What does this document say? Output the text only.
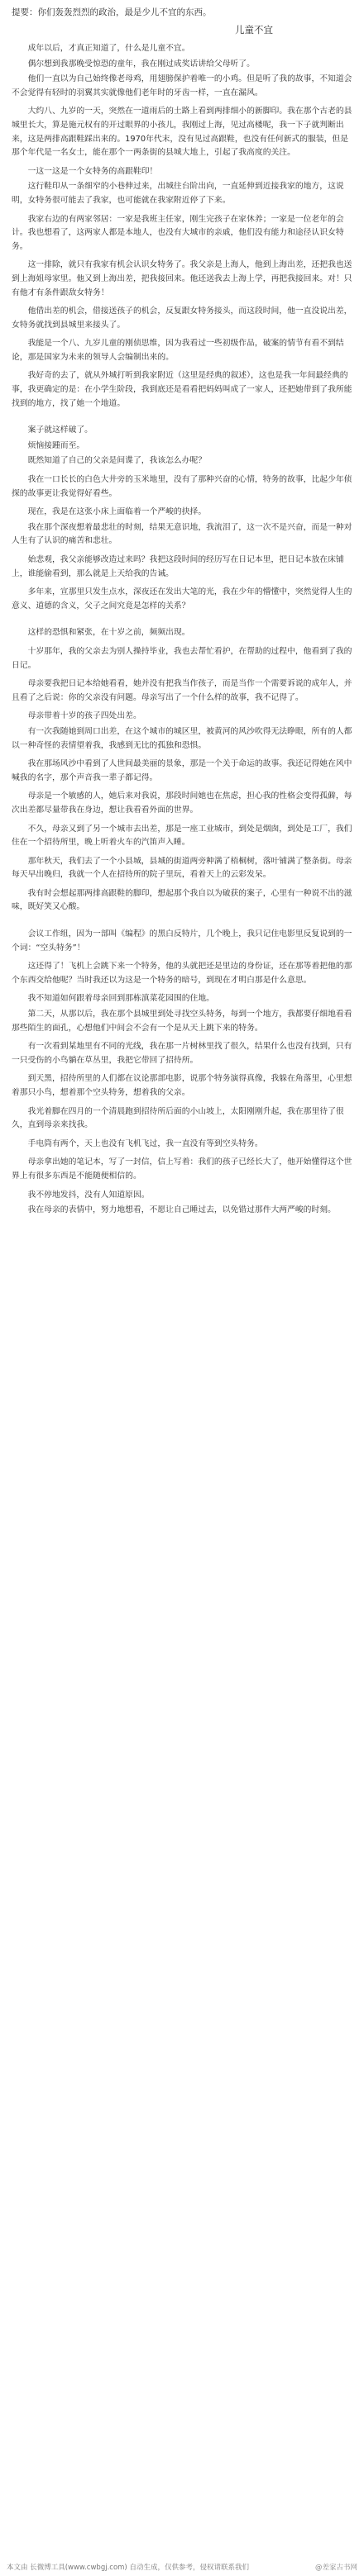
提要：你们轰轰烈烈的政治，最是少儿不宜的东西。
儿童不宜
成年以后，才真正知道了，什么是儿童不宜。
偶尔想到我那晚受惊恐的童年，我在刚过成奖话讲给父母听了。
他们一直以为自己始终像老母鸡，用翅膀保护着唯一的小鸡。但是听了我的故事，不知道会不会觉得有轻时的羽翼其实就像他们老年时的牙齿一样，一直在漏风。
大约八、九岁的一天，突然在一道雨后的土路上看到两排细小的新脚印。我在那个古老的县城里长大，算是施元权有的开过眼界的小孩儿，我刚过上海，见过高楼呢，我一下子就判断出来，这是两排高跟鞋踩出来的。1970年代末，没有见过高跟鞋，也没有任何新式的服装，但是那个年代是一名女士，能在那个一两条街的县城大地上，引起了我高度的关注。
一这一这是一个女特务的高跟鞋印！
这行鞋印从一条细窄的小巷伸过来，出城往台阶出向，一直延伸到近接我家的地方，这说明，女特务很可能去了我家，也可能就在我家附近停了下来。
我家右边的有两家邻居：一家是我班主任家，刚生完孩子在家休养；一家是一位老年的会计。我也想看了，这两家人都是本地人，也没有大城市的亲戚，他们没有能力和途径认识女特务。
这一排除，就只有我家有机会认识女特务了。我父亲是上海人，他到上海出差，还把我也送到上海姐母家里。他又到上海出差，把我接回来。他还送我去上海上学，再把我接回来。对！只有他才有条件跟敌女特务！
他借出差的机会，借接送孩子的机会，反复跟女特务接头，而这段时间，他一直没说出差，女特务就找到县城里来接头了。
我能是一个八、九岁儿童的刚侦思维，因为我看过一些初级作品，破案的情节有看不到结论，那是国家为未来的领导人会编制出来的。
我好奇的去了，就从外城打听到我家附近（这里是经典的叙述），这也是我一年间最经典的事，我更确定的是：在小学生阶段，我到底还是看看把妈妈叫成了一家人，还把她带到了我所能找到的地方，找了她一个地道。
案子就这样破了。
烦恼接踵而至。
既然知道了自己的父亲是间谍了，我该怎么办呢？
我在一口长长的白色大井旁的玉米地里，没有了那种兴奋的心情，特务的故事，比起少年侦探的故事更让我觉得好看些。
现在，我是在这张小床上面临着一个严峻的抉择。
我在那个深夜想着最悲壮的时刻，结果无意识地，我流泪了，这一次不是兴奋，而是一种对人生有了认识的痛苦和悲壮。
始悲观，我父亲能够改造过来吗？我把这段时间的经历写在日记本里，把日记本放在床铺上，谁能偷看到，那么就是上天给我的告诫。
多年来，宣那里只发生点水，深夜还在发出大笔的光，我在少年的懵懂中，突然觉得人生的意义、道德的含义，父子之间究竟是怎样的关系？
这样的恐惧和紧张，在十岁之前，频频出现。
十岁那年，我的父亲去为别人操持毕业，我也去帮忙看护，在帮助的过程中，他看到了我的日记。
母亲要我把日记本给她看看，她并没有把我当作孩子，而是当作一个需要诉说的成年人，并且看了之后说：你的父亲没有问题。母亲写出了一个什么样的故事，我不记得了。
母亲带着十岁的孩子四处出差。
有一次我随她到周口出差，在这个城市的城区里，被黄河的风沙吹得无法睁眼，所有的人都以一种奇怪的表情望着我，我感到无比的孤独和恐惧。
我在那场风沙中看到了人世间最美丽的景象，那是一个关于命运的故事。我还记得她在风中喊我的名字，那个声音我一辈子都记得。
母亲是一个敏感的人，她后来对我说，那段时间她也在焦虑，担心我的性格会变得孤僻，每次出差都尽量带我在身边，想让我看看外面的世界。
不久，母亲又到了另一个城市去出差，那是一座工业城市，到处是烟囱，到处是工厂，我们住在一个招待所里，晚上听着火车的汽笛声入睡。
那年秋天，我们去了一个小县城，县城的街道两旁种满了梧桐树，落叶铺满了整条街。母亲每天早出晚归，我就一个人在招待所的院子里玩，看着天上的云彩发呆。
我有时会想起那两排高跟鞋的脚印，想起那个我自以为破获的案子，心里有一种说不出的滋味，既好笑又心酸。
会议工作组，因为一部叫《编程》的黑白反特片，几个晚上，我只记住电影里反复说到的一个词：“空头特务”！
这还得了！飞机上会跳下来一个特务，他的头就把还是里边的身份证，还在那等着把他的那个东西交给他呢？当时我还以为这是一个特务的暗号，到现在才明白那是什么意思。
我不知道如何跟着母亲回到那栋滇菜花园围的住地。
第二天，从那以后，我在那个县城里到处寻找空头特务，每到一个地方，我都要仔细地看看那些陌生的面孔，心想他们中间会不会有一个是从天上跳下来的特务。
有一次看到某地里有不同的光线，我在那一片树林里找了很久，结果什么也没有找到，只有一只受伤的小鸟躺在草丛里，我把它带回了招待所。
到天黑，招待所里的人们都在议论那部电影，说那个特务演得真像，我躲在角落里，心里想着那只小鸟，想着那个空头特务，想着我的父亲。
我光着脚在四月的一个清晨跑到招待所后面的小山坡上，太阳刚刚升起，我在那里待了很久，直到母亲来找我。
手电筒有两个，天上也没有飞机飞过，我一直没有等到空头特务。
母亲拿出她的笔记本，写了一封信，信上写着：我们的孩子已经长大了，他开始懂得这个世界上有很多东西是不能随便相信的。
我不停地发抖，没有人知道原因。
我在母亲的表情中，努力地想看，不愿让自己睡过去，以免错过那件大两严峻的时刻。
本文由 长微博工具(www.cwbgj.com) 自动生成，仅供参考，侵权请联系我们	@差家古书网
